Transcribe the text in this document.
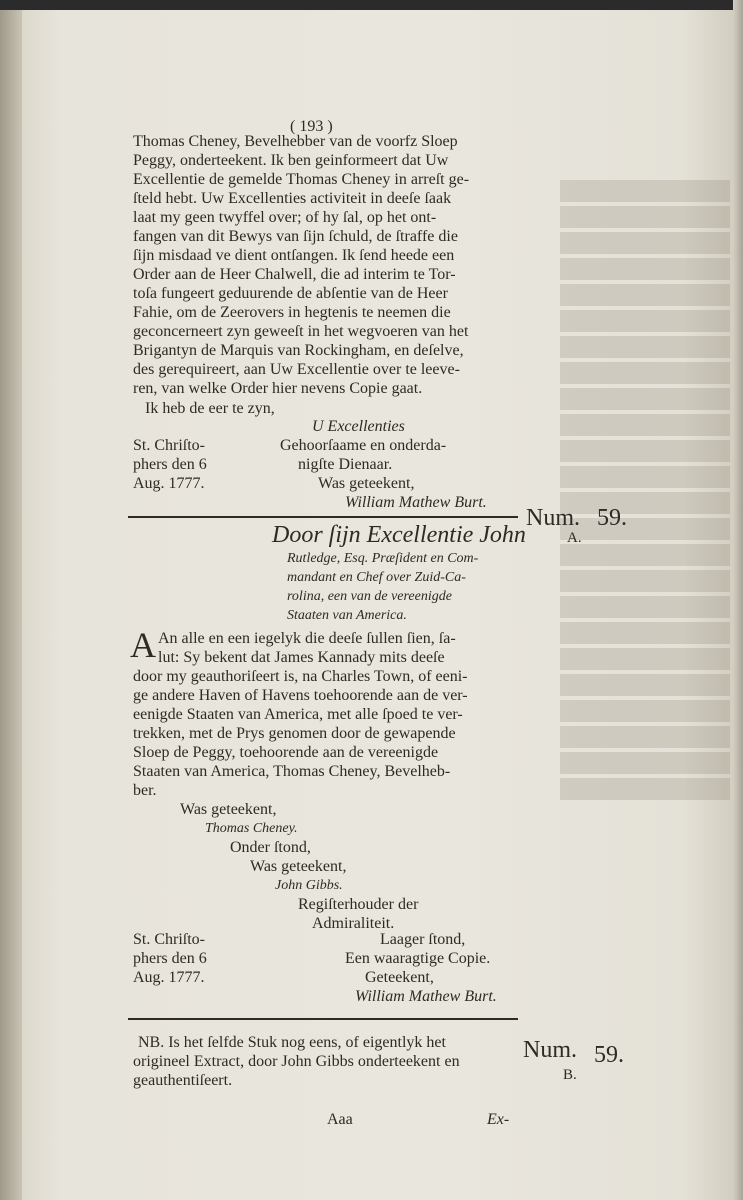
( 193 )
Thomas Cheney, Bevelhebber van de voorfz Sloep
Peggy, onderteekent. Ik ben geinformeert dat Uw
Excellentie de gemelde Thomas Cheney in arreſt ge-
ſteld hebt. Uw Excellenties activiteit in deeſe ſaak
laat my geen twyffel over; of hy ſal, op het ont-
fangen van dit Bewys van ſijn ſchuld, de ſtraffe die
ſijn misdaad ve dient ontſangen. Ik ſend heede een
Order aan de Heer Chalwell, die ad interim te Tor-
toſa fungeert geduurende de abſentie van de Heer
Fahie, om de Zeerovers in hegtenis te neemen die
geconcerneert zyn geweeſt in het wegvoeren van het
Brigantyn de Marquis van Rockingham, en deſelve,
des gerequireert, aan Uw Excellentie over te leeve-
ren, van welke Order hier nevens Copie gaat.
Ik heb de eer te zyn,
U Excellenties
St. Chriſto-	Gehoorſaame en onderda-
phers den 6	nigſte Dienaar.
Aug. 1777.	Was geteekent,
William Mathew Burt.
Door ſijn Excellentie John
Rutledge, Esq. Præſident en Com-
mandant en Chef over Zuid-Ca-
rolina, een van de vereenigde
Staaten van America.
Num. 59.
A.
A An alle en een iegelyk die deeſe ſullen ſien, ſa-
lut: Sy bekent dat James Kannady mits deeſe
door my geauthoriſeert is, na Charles Town, of eeni-
ge andere Haven of Havens toehoorende aan de ver-
eenigde Staaten van America, met alle ſpoed te ver-
trekken, met de Prys genomen door de gewapende
Sloep de Peggy, toehoorende aan de vereenigde
Staaten van America, Thomas Cheney, Bevelheb-
ber.
Was geteekent,
Thomas Cheney.
Onder ſtond,
Was geteekent,
John Gibbs.
Regiſterhouder der
Admiraliteit.
St. Chriſto-	Laager ſtond,
phers den 6	Een waaragtige Copie.
Aug. 1777.	Geteekent,
William Mathew Burt.
NB. Is het ſelfde Stuk nog eens, of eigentlyk het
origineel Extract, door John Gibbs onderteekent en
geauthentiſeert.
Num. 59.
B.
Aaa	Ex-
